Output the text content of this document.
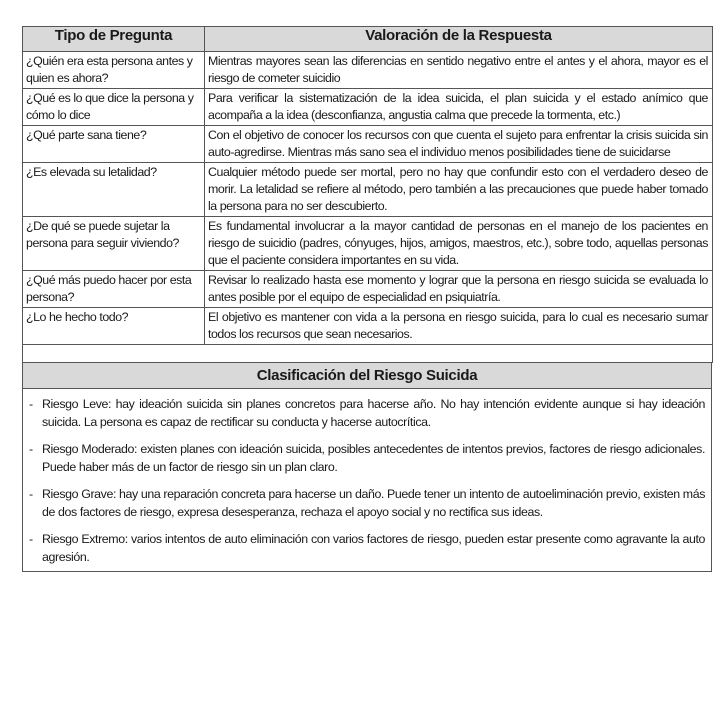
Tipo de Pregunta	Valoración de la Respuesta
¿Quién era esta persona antes y quien es ahora?	Mientras mayores sean las diferencias en sentido negativo entre el antes y el ahora, mayor es el riesgo de cometer suicidio
¿Qué es lo que dice la persona y cómo lo dice	Para verificar la sistematización de la idea suicida, el plan suicida y el estado anímico que acompaña a la idea (desconfianza, angustia calma que precede la tormenta, etc.)
¿Qué parte sana tiene?	Con el objetivo de conocer los recursos con que cuenta el sujeto para enfrentar la crisis suicida sin auto-agredirse. Mientras más sano sea el individuo menos posibilidades tiene de suicidarse
¿Es elevada su letalidad?	Cualquier método puede ser mortal, pero no hay que confundir esto con el verdadero deseo de morir. La letalidad se refiere al método, pero también a las precauciones que puede haber tomado la persona para no ser descubierto.
¿De qué se puede sujetar la persona para seguir viviendo?	Es fundamental involucrar a la mayor cantidad de personas en el manejo de los pacientes en riesgo de suicidio (padres, cónyuges, hijos, amigos, maestros, etc.), sobre todo, aquellas personas que el paciente considera importantes en su vida.
¿Qué más puedo hacer por esta persona?	Revisar lo realizado hasta ese momento y lograr que la persona en riesgo suicida se evaluada lo antes posible por el equipo de especialidad en psiquiatría.
¿Lo he hecho todo?	El objetivo es mantener con vida a la persona en riesgo suicida, para lo cual es necesario sumar todos los recursos que sean necesarios.

Clasificación del Riesgo Suicida
- Riesgo Leve: hay ideación suicida sin planes concretos para hacerse año. No hay intención evidente aunque si hay ideación suicida. La persona es capaz de rectificar su conducta y hacerse autocrítica.
- Riesgo Moderado: existen planes con ideación suicida, posibles antecedentes de intentos previos, factores de riesgo adicionales. Puede haber más de un factor de riesgo sin un plan claro.
- Riesgo Grave: hay una reparación concreta para hacerse un daño. Puede tener un intento de autoeliminación previo, existen más de dos factores de riesgo, expresa desesperanza, rechaza el apoyo social y no rectifica sus ideas.
- Riesgo Extremo: varios intentos de auto eliminación con varios factores de riesgo, pueden estar presente como agravante la auto agresión.
